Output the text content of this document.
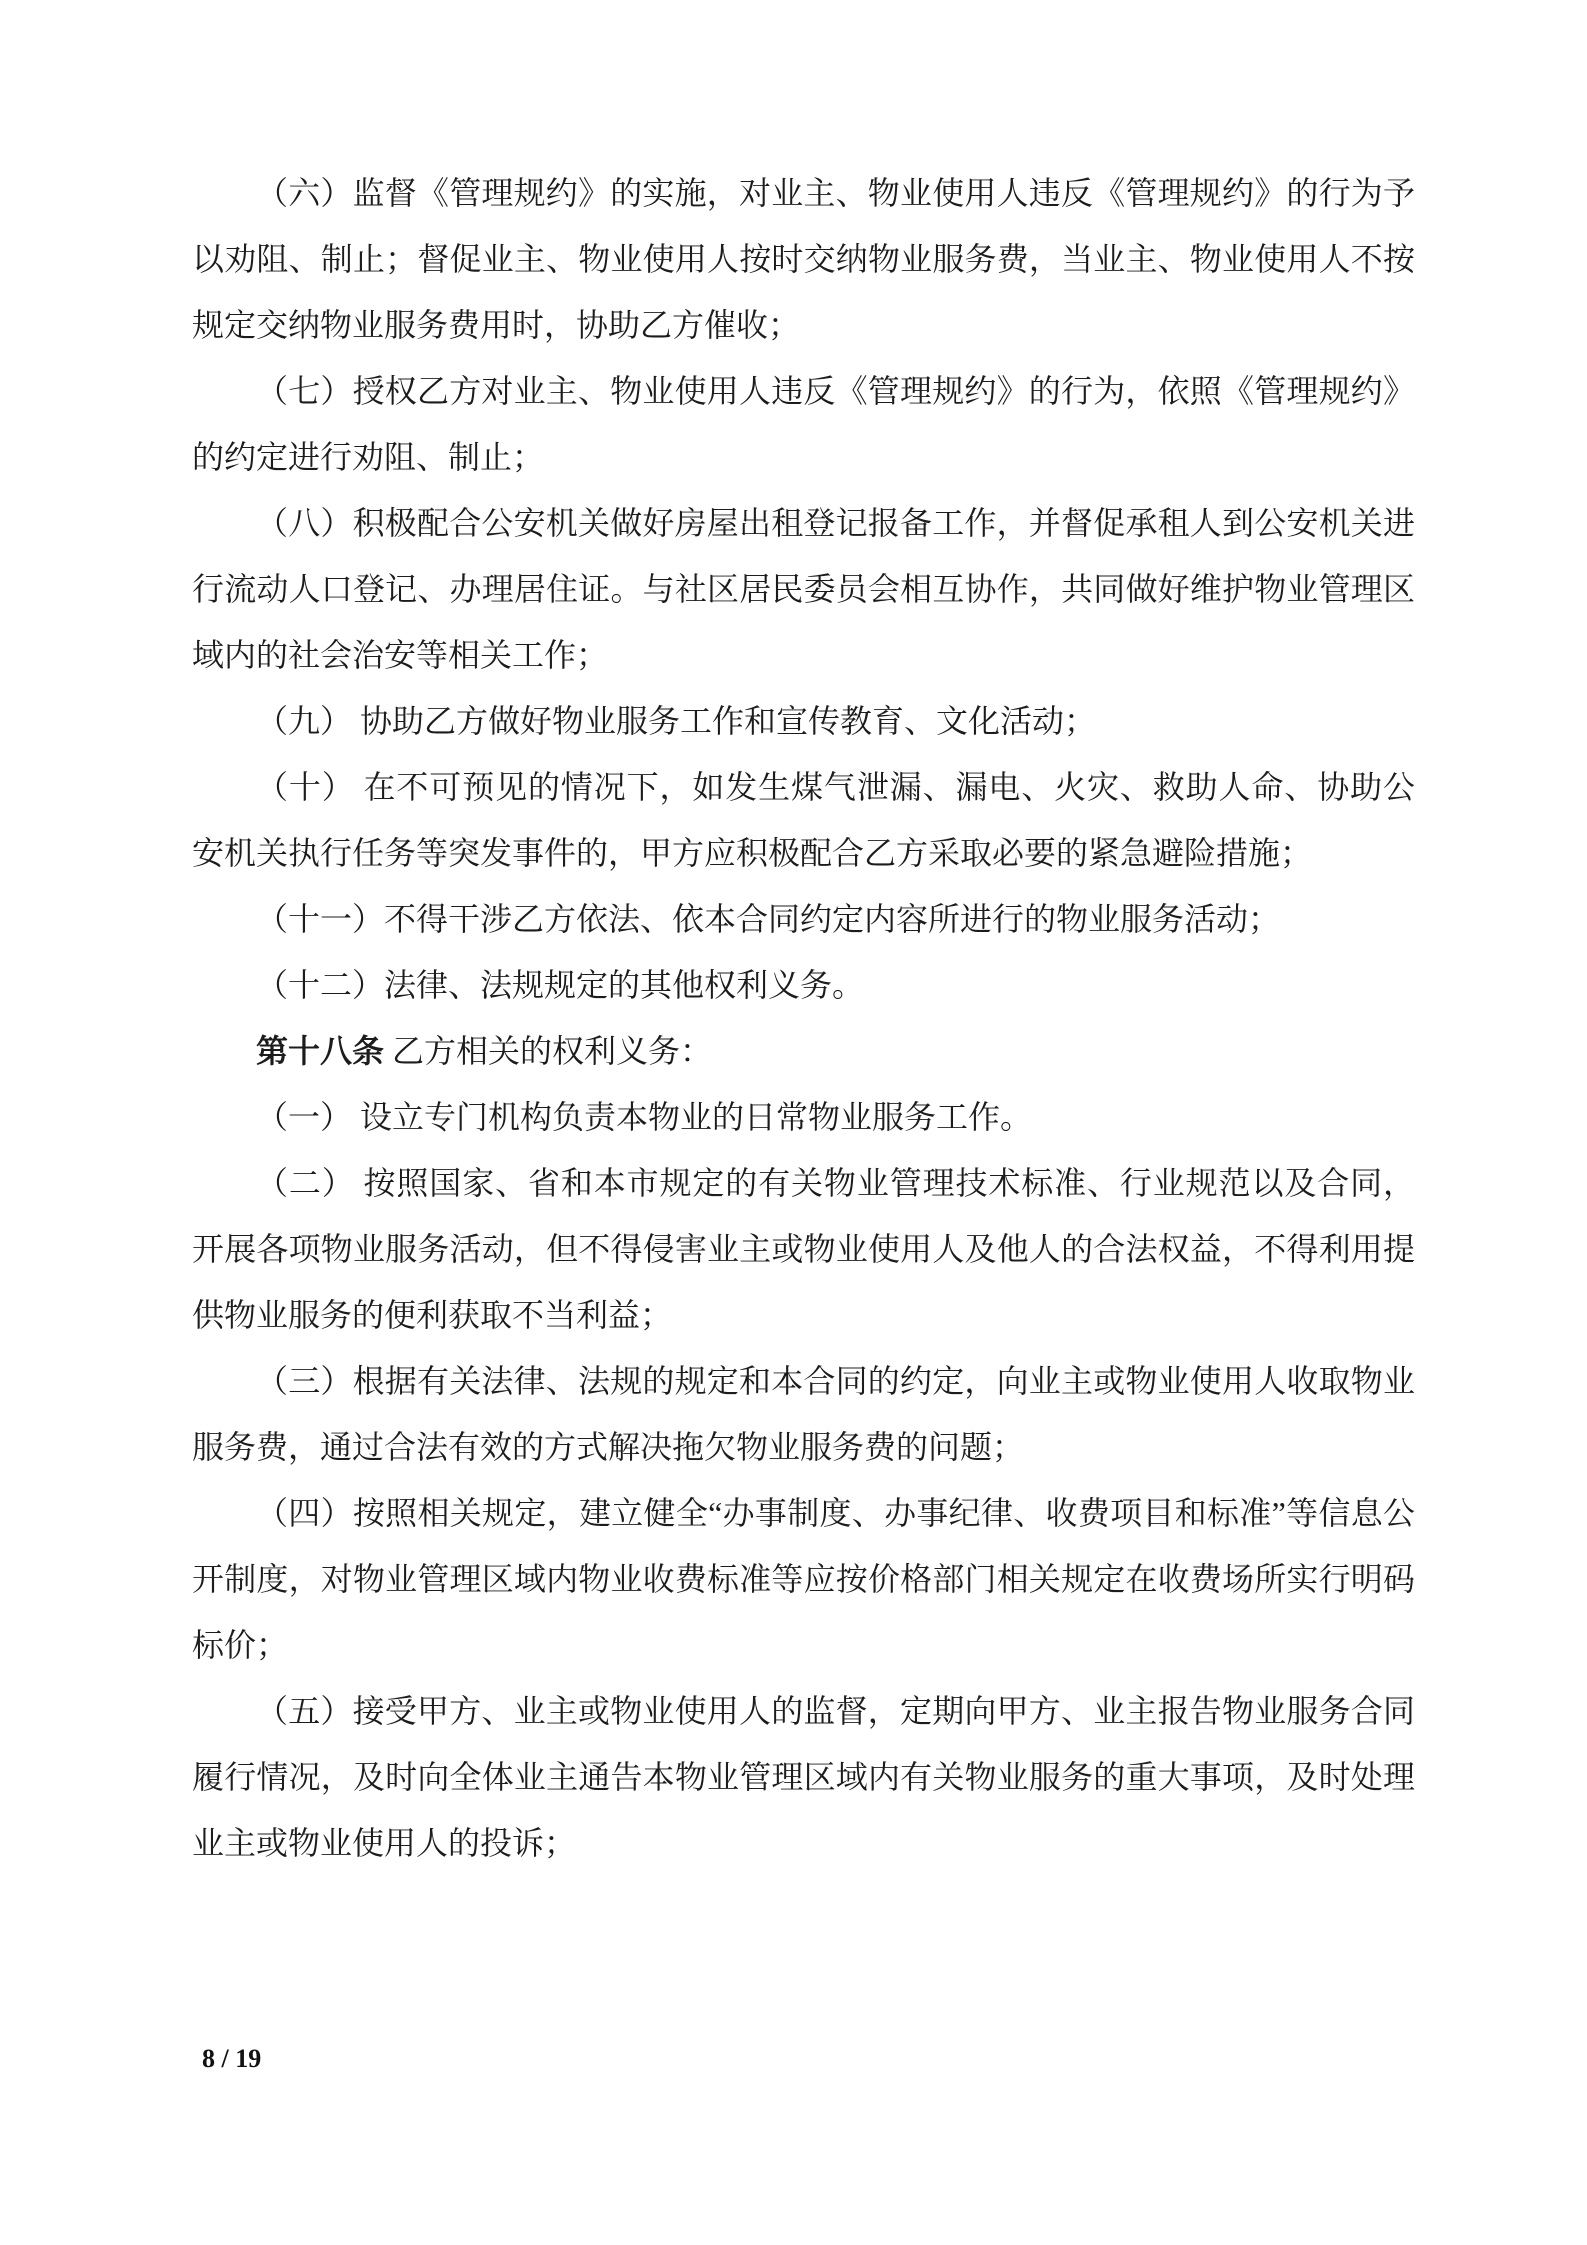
（六）监督《管理规约》的实施，对业主、物业使用人违反《管理规约》的行为予以劝阻、制止；督促业主、物业使用人按时交纳物业服务费，当业主、物业使用人不按规定交纳物业服务费用时，协助乙方催收；

（七）授权乙方对业主、物业使用人违反《管理规约》的行为，依照《管理规约》的约定进行劝阻、制止；

（八）积极配合公安机关做好房屋出租登记报备工作，并督促承租人到公安机关进行流动人口登记、办理居住证。与社区居民委员会相互协作，共同做好维护物业管理区域内的社会治安等相关工作；

（九） 协助乙方做好物业服务工作和宣传教育、文化活动；

（十） 在不可预见的情况下，如发生煤气泄漏、漏电、火灾、救助人命、协助公安机关执行任务等突发事件的，甲方应积极配合乙方采取必要的紧急避险措施；

（十一）不得干涉乙方依法、依本合同约定内容所进行的物业服务活动；

（十二）法律、法规规定的其他权利义务。

第十八条 乙方相关的权利义务：

（一） 设立专门机构负责本物业的日常物业服务工作。

（二） 按照国家、省和本市规定的有关物业管理技术标准、行业规范以及合同，开展各项物业服务活动，但不得侵害业主或物业使用人及他人的合法权益，不得利用提供物业服务的便利获取不当利益；

（三）根据有关法律、法规的规定和本合同的约定，向业主或物业使用人收取物业服务费，通过合法有效的方式解决拖欠物业服务费的问题；

（四）按照相关规定，建立健全“办事制度、办事纪律、收费项目和标准”等信息公开制度，对物业管理区域内物业收费标准等应按价格部门相关规定在收费场所实行明码标价；

（五）接受甲方、业主或物业使用人的监督，定期向甲方、业主报告物业服务合同履行情况，及时向全体业主通告本物业管理区域内有关物业服务的重大事项，及时处理业主或物业使用人的投诉；

8 / 19
